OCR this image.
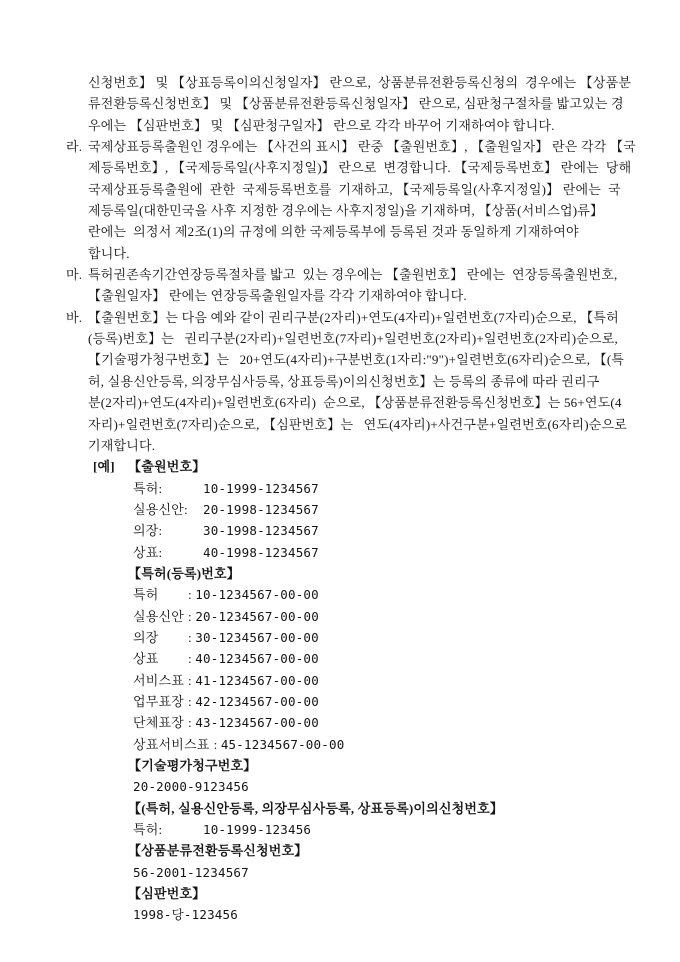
신청번호】 및 【상표등록이의신청일자】 란으로,  상품분류전환등록신청의  경우에는 【상품분
류전환등록신청번호】 및 【상품분류전환등록신청일자】 란으로, 심판청구절차를 밟고있는 경
우에는 【심판번호】 및 【심판청구일자】 란으로 각각 바꾸어 기재하여야 합니다.
라. 국제상표등록출원인 경우에는 【사건의 표시】 란중 【출원번호】, 【출원일자】 란은 각각 【국
제등록번호】, 【국제등록일(사후지정일)】 란으로  변경합니다. 【국제등록번호】 란에는  당해
국제상표등록출원에  관한  국제등록번호를  기재하고, 【국제등록일(사후지정일)】 란에는  국
제등록일(대한민국을 사후 지정한 경우에는 사후지정일)을 기재하며, 【상품(서비스업)류】
란에는  의정서 제2조(1)의 규정에 의한 국제등록부에 등록된 것과 동일하게 기재하여야
합니다.
마. 특허권존속기간연장등록절차를 밟고  있는 경우에는 【출원번호】 란에는  연장등록출원번호,
【출원일자】 란에는 연장등록출원일자를 각각 기재하여야 합니다.
바. 【출원번호】는 다음 예와 같이 권리구분(2자리)+연도(4자리)+일련번호(7자리)순으로, 【특허
(등록)번호】는   권리구분(2자리)+일련번호(7자리)+일련번호(2자리)+일련번호(2자리)순으로,
【기술평가청구번호】는   20+연도(4자리)+구분번호(1자리:"9")+일련번호(6자리)순으로, 【(특
허, 실용신안등록, 의장무심사등록, 상표등록)이의신청번호】는 등록의 종류에 따라 권리구
분(2자리)+연도(4자리)+일련번호(6자리)  순으로, 【상품분류전환등록신청번호】는 56+연도(4
자리)+일련번호(7자리)순으로, 【심판번호】는   연도(4자리)+사건구분+일련번호(6자리)순으로
기재합니다.
[예] 【출원번호】
특허:	10-1999-1234567
실용신안:	20-1998-1234567
의장:	30-1998-1234567
상표:	40-1998-1234567
【특허(등록)번호】
특허	: 10-1234567-00-00
실용신안 : 20-1234567-00-00
의장	: 30-1234567-00-00
상표	: 40-1234567-00-00
서비스표 : 41-1234567-00-00
업무표장 : 42-1234567-00-00
단체표장 : 43-1234567-00-00
상표서비스표 : 45-1234567-00-00
【기술평가청구번호】
20-2000-9123456
【(특허, 실용신안등록, 의장무심사등록, 상표등록)이의신청번호】
특허:	10-1999-123456
【상품분류전환등록신청번호】
56-2001-1234567
【심판번호】
1998-당-123456
